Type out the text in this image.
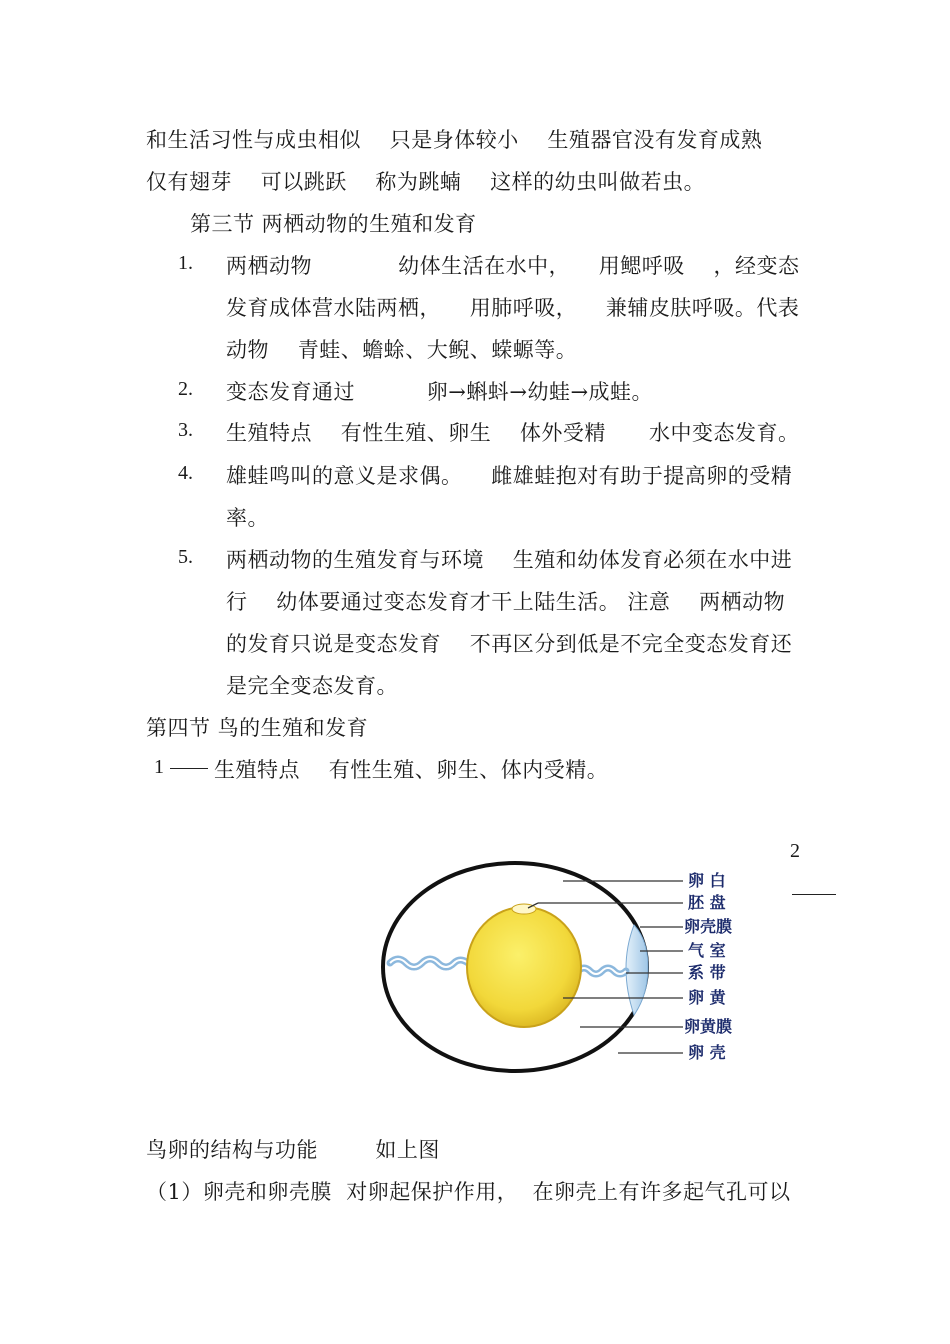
和生活习性与成虫相似    只是身体较小    生殖器官没有发育成熟
仅有翅芽    可以跳跃    称为跳蝻    这样的幼虫叫做若虫。
第三节 两栖动物的生殖和发育
1. 两栖动物            幼体生活在水中，    用鳃呼吸    ，经变态
发育成体营水陆两栖，    用肺呼吸，    兼辅皮肤呼吸。代表
动物    青蛙、蟾蜍、大鲵、蝾螈等。
2. 变态发育通过          卵→蝌蚪→幼蛙→成蛙。
3. 生殖特点    有性生殖、卵生    体外受精      水中变态发育。
4. 雄蛙鸣叫的意义是求偶。    雌雄蛙抱对有助于提高卵的受精
率。
5. 两栖动物的生殖发育与环境    生殖和幼体发育必须在水中进
行    幼体要通过变态发育才干上陆生活。 注意    两栖动物
的发育只说是变态发育    不再区分到低是不完全变态发育还
是完全变态发育。
第四节 鸟的生殖和发育
1 生殖特点    有性生殖、卵生、体内受精。
2
卵 白
胚 盘
卵壳膜
气 室
系 带
卵 黄
卵黄膜
卵 壳
鸟卵的结构与功能        如上图
（1）卵壳和卵壳膜  对卵起保护作用，  在卵壳上有许多起气孔可以
